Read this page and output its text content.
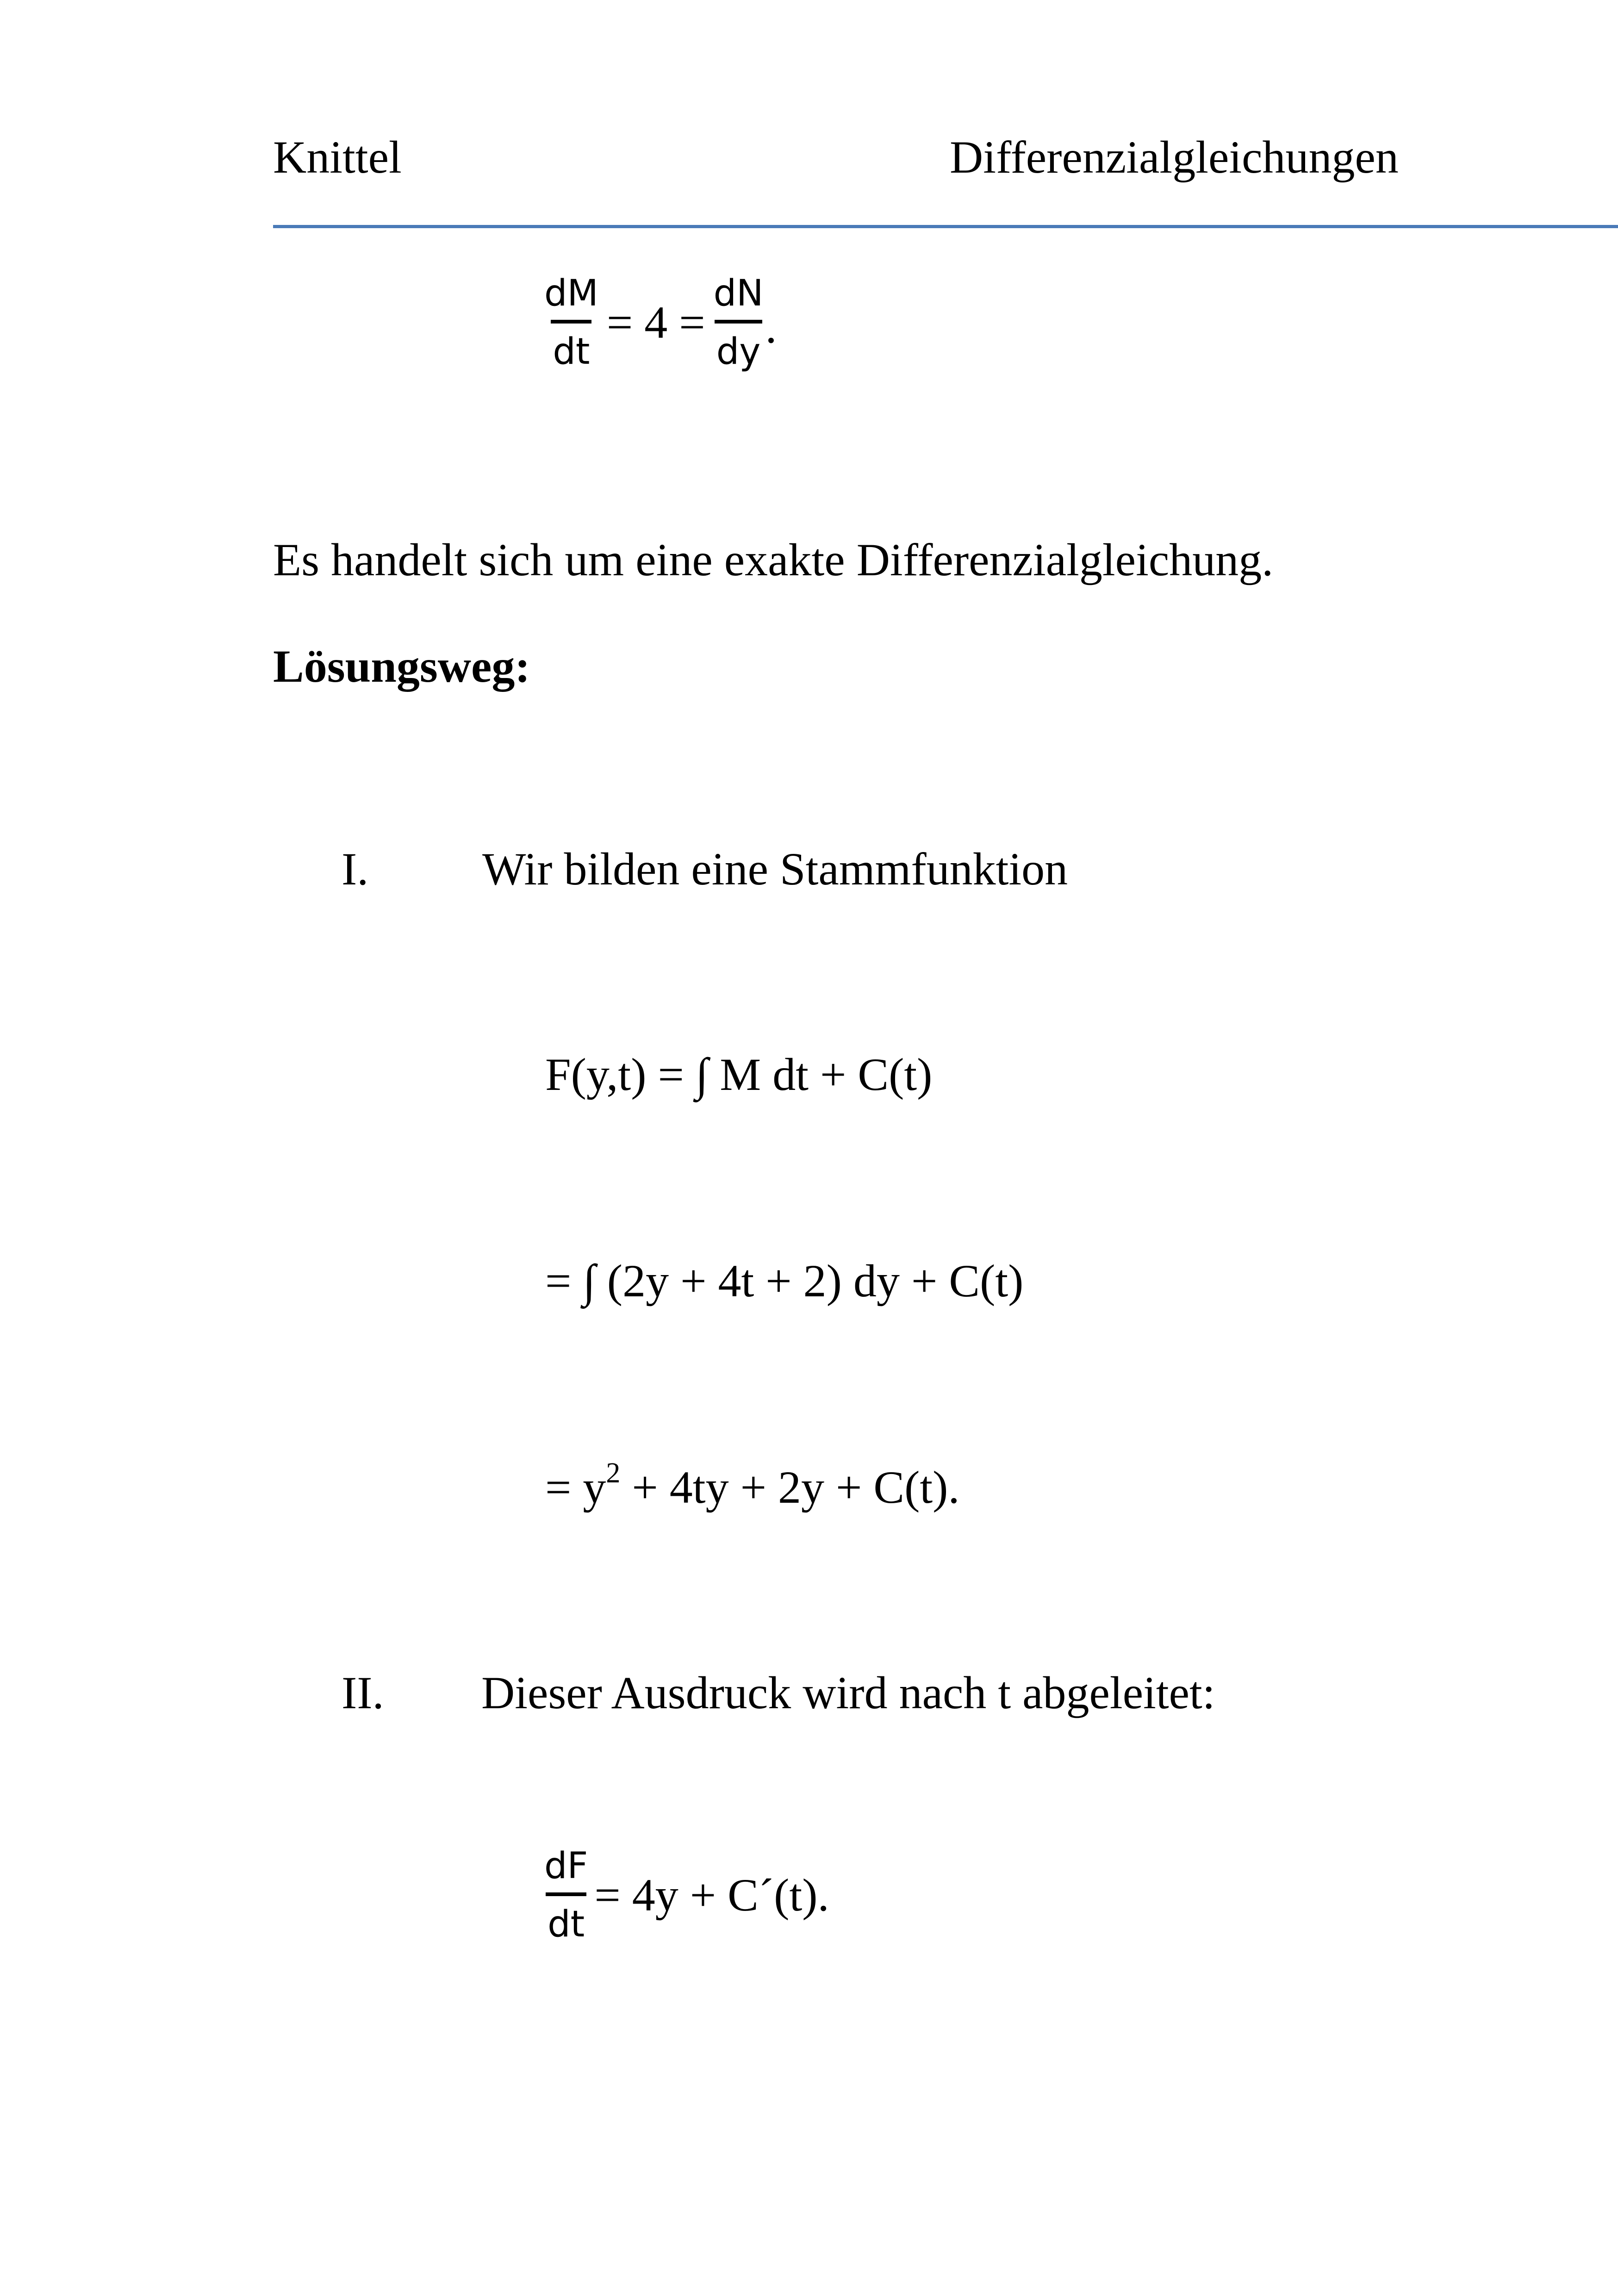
Knittel	Differenzialgleichungen
$\frac{dM}{dt} = 4 = \frac{dN}{dy}$ .
Es handelt sich um eine exakte Differenzialgleichung.
Lösungsweg:
I. Wir bilden eine Stammfunktion
F(y,t) = ∫ M dt + C(t)
= ∫ (2y + 4t + 2) dy + C(t)
= $y^2 + 4ty + 2y + C(t)$.
II. Dieser Ausdruck wird nach t abgeleitet:
$\frac{dF}{dt} = 4y$ + C´(t).
